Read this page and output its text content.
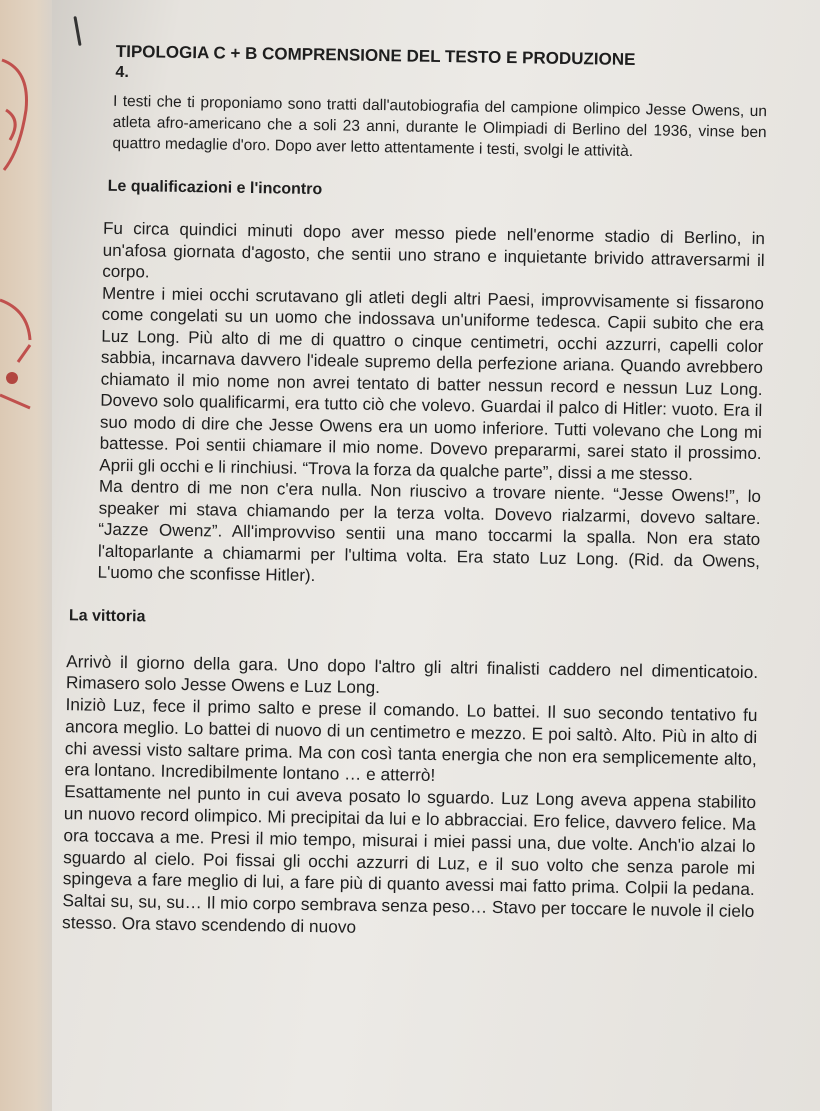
TIPOLOGIA C + B COMPRENSIONE DEL TESTO E PRODUZIONE
4.

I testi che ti proponiamo sono tratti dall'autobiografia del campione olimpico Jesse Owens, un atleta afro-americano che a soli 23 anni, durante le Olimpiadi di Berlino del 1936, vinse ben quattro medaglie d'oro. Dopo aver letto attentamente i testi, svolgi le attività.

Le qualificazioni e l'incontro

Fu circa quindici minuti dopo aver messo piede nell'enorme stadio di Berlino, in un'afosa giornata d'agosto, che sentii uno strano e inquietante brivido attraversarmi il corpo.

Mentre i miei occhi scrutavano gli atleti degli altri Paesi, improvvisamente si fissarono come congelati su un uomo che indossava un'uniforme tedesca. Capii subito che era Luz Long. Più alto di me di quattro o cinque centimetri, occhi azzurri, capelli color sabbia, incarnava davvero l'ideale supremo della perfezione ariana. Quando avrebbero chiamato il mio nome non avrei tentato di batter nessun record e nessun Luz Long. Dovevo solo qualificarmi, era tutto ciò che volevo. Guardai il palco di Hitler: vuoto. Era il suo modo di dire che Jesse Owens era un uomo inferiore. Tutti volevano che Long mi battesse. Poi sentii chiamare il mio nome. Dovevo prepararmi, sarei stato il prossimo. Aprii gli occhi e li rinchiusi. “Trova la forza da qualche parte”, dissi a me stesso.

Ma dentro di me non c'era nulla. Non riuscivo a trovare niente. “Jesse Owens!”, lo speaker mi stava chiamando per la terza volta. Dovevo rialzarmi, dovevo saltare. “Jazze Owenz”. All'improvviso sentii una mano toccarmi la spalla. Non era stato l'altoparlante a chiamarmi per l'ultima volta. Era stato Luz Long. (Rid. da Owens, L'uomo che sconfisse Hitler).

La vittoria

Arrivò il giorno della gara. Uno dopo l'altro gli altri finalisti caddero nel dimenticatoio. Rimasero solo Jesse Owens e Luz Long.

Iniziò Luz, fece il primo salto e prese il comando. Lo battei. Il suo secondo tentativo fu ancora meglio. Lo battei di nuovo di un centimetro e mezzo. E poi saltò. Alto. Più in alto di chi avessi visto saltare prima. Ma con così tanta energia che non era semplicemente alto, era lontano. Incredibilmente lontano … e atterrò!

Esattamente nel punto in cui aveva posato lo sguardo. Luz Long aveva appena stabilito un nuovo record olimpico. Mi precipitai da lui e lo abbracciai. Ero felice, davvero felice. Ma ora toccava a me. Presi il mio tempo, misurai i miei passi una, due volte. Anch'io alzai lo sguardo al cielo. Poi fissai gli occhi azzurri di Luz, e il suo volto che senza parole mi spingeva a fare meglio di lui, a fare più di quanto avessi mai fatto prima. Colpii la pedana. Saltai su, su, su… Il mio corpo sembrava senza peso… Stavo per toccare le nuvole il cielo stesso. Ora stavo scendendo di nuovo
